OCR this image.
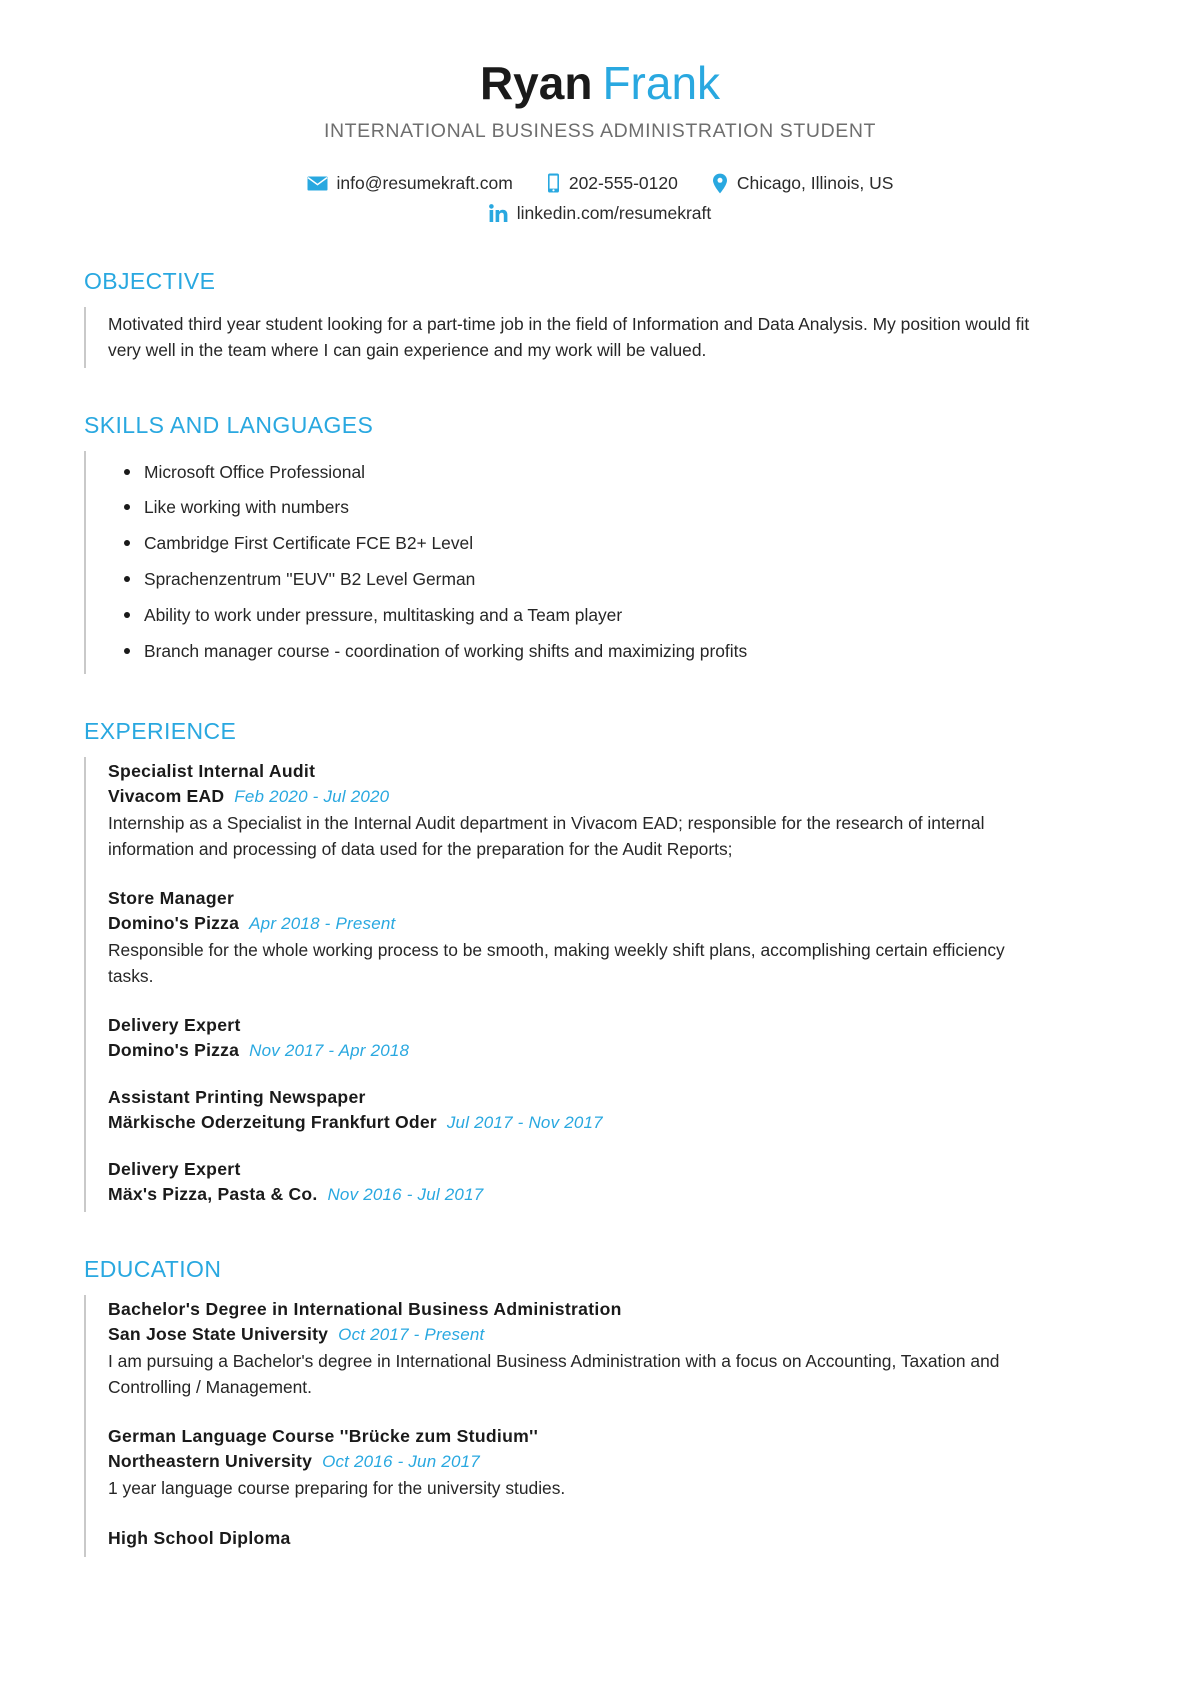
Ryan Frank
INTERNATIONAL BUSINESS ADMINISTRATION STUDENT
info@resumekraft.com	202-555-0120	Chicago, Illinois, US
linkedin.com/resumekraft
OBJECTIVE
Motivated third year student looking for a part-time job in the field of Information and Data Analysis. My position would fit very well in the team where I can gain experience and my work will be valued.
SKILLS AND LANGUAGES
Microsoft Office Professional
Like working with numbers
Cambridge First Certificate FCE B2+ Level
Sprachenzentrum ''EUV'' B2 Level German
Ability to work under pressure, multitasking and a Team player
Branch manager course - coordination of working shifts and maximizing profits
EXPERIENCE
Specialist Internal Audit
Vivacom EAD Feb 2020 - Jul 2020
Internship as a Specialist in the Internal Audit department in Vivacom EAD; responsible for the research of internal information and processing of data used for the preparation for the Audit Reports;
Store Manager
Domino's Pizza Apr 2018 - Present
Responsible for the whole working process to be smooth, making weekly shift plans, accomplishing certain efficiency tasks.
Delivery Expert
Domino's Pizza Nov 2017 - Apr 2018
Assistant Printing Newspaper
Märkische Oderzeitung Frankfurt Oder Jul 2017 - Nov 2017
Delivery Expert
Mäx's Pizza, Pasta & Co. Nov 2016 - Jul 2017
EDUCATION
Bachelor's Degree in International Business Administration
San Jose State University Oct 2017 - Present
I am pursuing a Bachelor's degree in International Business Administration with a focus on Accounting, Taxation and Controlling / Management.
German Language Course ''Brücke zum Studium''
Northeastern University Oct 2016 - Jun 2017
1 year language course preparing for the university studies.
High School Diploma
